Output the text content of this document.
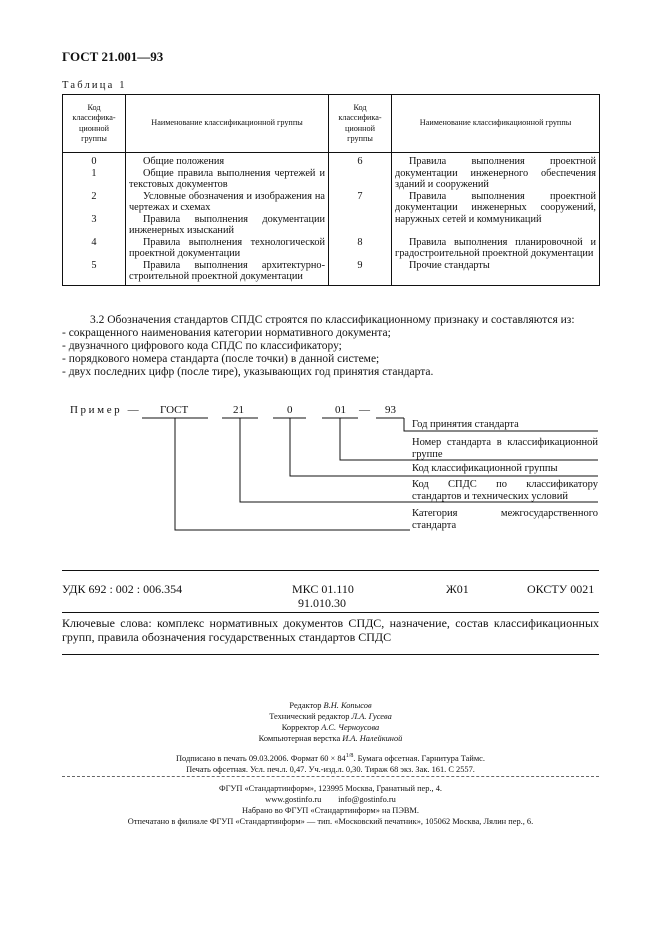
ГОСТ 21.001—93
Таблица 1
Код классифика-ционной группы	Наименование классификационной группы	Код классифика-ционной группы	Наименование классификационной группы
0	Общие положения	6	Правила выполнения проектной документации инженерного обеспечения зданий и сооружений
1	Общие правила выполнения чертежей и текстовых документов		
2	Условные обозначения и изображения на чертежах и схемах	7	Правила выполнения проектной документации инженерных сооружений, наружных сетей и коммуникаций
3	Правила выполнения документации инженерных изысканий		
4	Правила выполнения технологической проектной документации	8	Правила выполнения планировочной и градостроительной проектной документации
5	Правила выполнения архитектурно-строительной проектной документации	9	Прочие стандарты
3.2 Обозначения стандартов СПДС строятся по классификационному признаку и составляются из:
- сокращенного наименования категории нормативного документа;
- двузначного цифрового кода СПДС по классификатору;
- порядкового номера стандарта (после точки) в данной системе;
- двух последних цифр (после тире), указывающих год принятия стандарта.
Пример — ГОСТ	21	0	01 — 93
Год принятия стандарта
Номер стандарта в классификационной группе
Код классификационной группы
Код СПДС по классификатору стандартов и технических условий
Категория межгосударственного стандарта
УДК 692 : 002 : 006.354	МКС 01.110
91.010.30
Ж01	ОКСТУ 0021
Ключевые слова: комплекс нормативных документов СПДС, назначение, состав классификационных групп, правила обозначения государственных стандартов СПДС
Редактор В.Н. Копысов
Технический редактор Л.А. Гусева
Корректор А.С. Черноусова
Компьютерная верстка И.А. Налейкиной
Подписано в печать 09.03.2006. Формат $60 \times 84^{1/8}$. Бумага офсетная. Гарнитура Таймс.
Печать офсетная. Усл. печ.л. 0,47. Уч.-изд.л. 0,30. Тираж 68 экз. Зак. 161. С 2557.
ФГУП «Стандартинформ», 123995 Москва, Гранатный пер., 4.
www.gostinfo.ru info@gostinfo.ru
Набрано во ФГУП «Стандартинформ» на ПЭВМ.
Отпечатано в филиале ФГУП «Стандартинформ» — тип. «Московский печатник», 105062 Москва, Лялин пер., 6.
